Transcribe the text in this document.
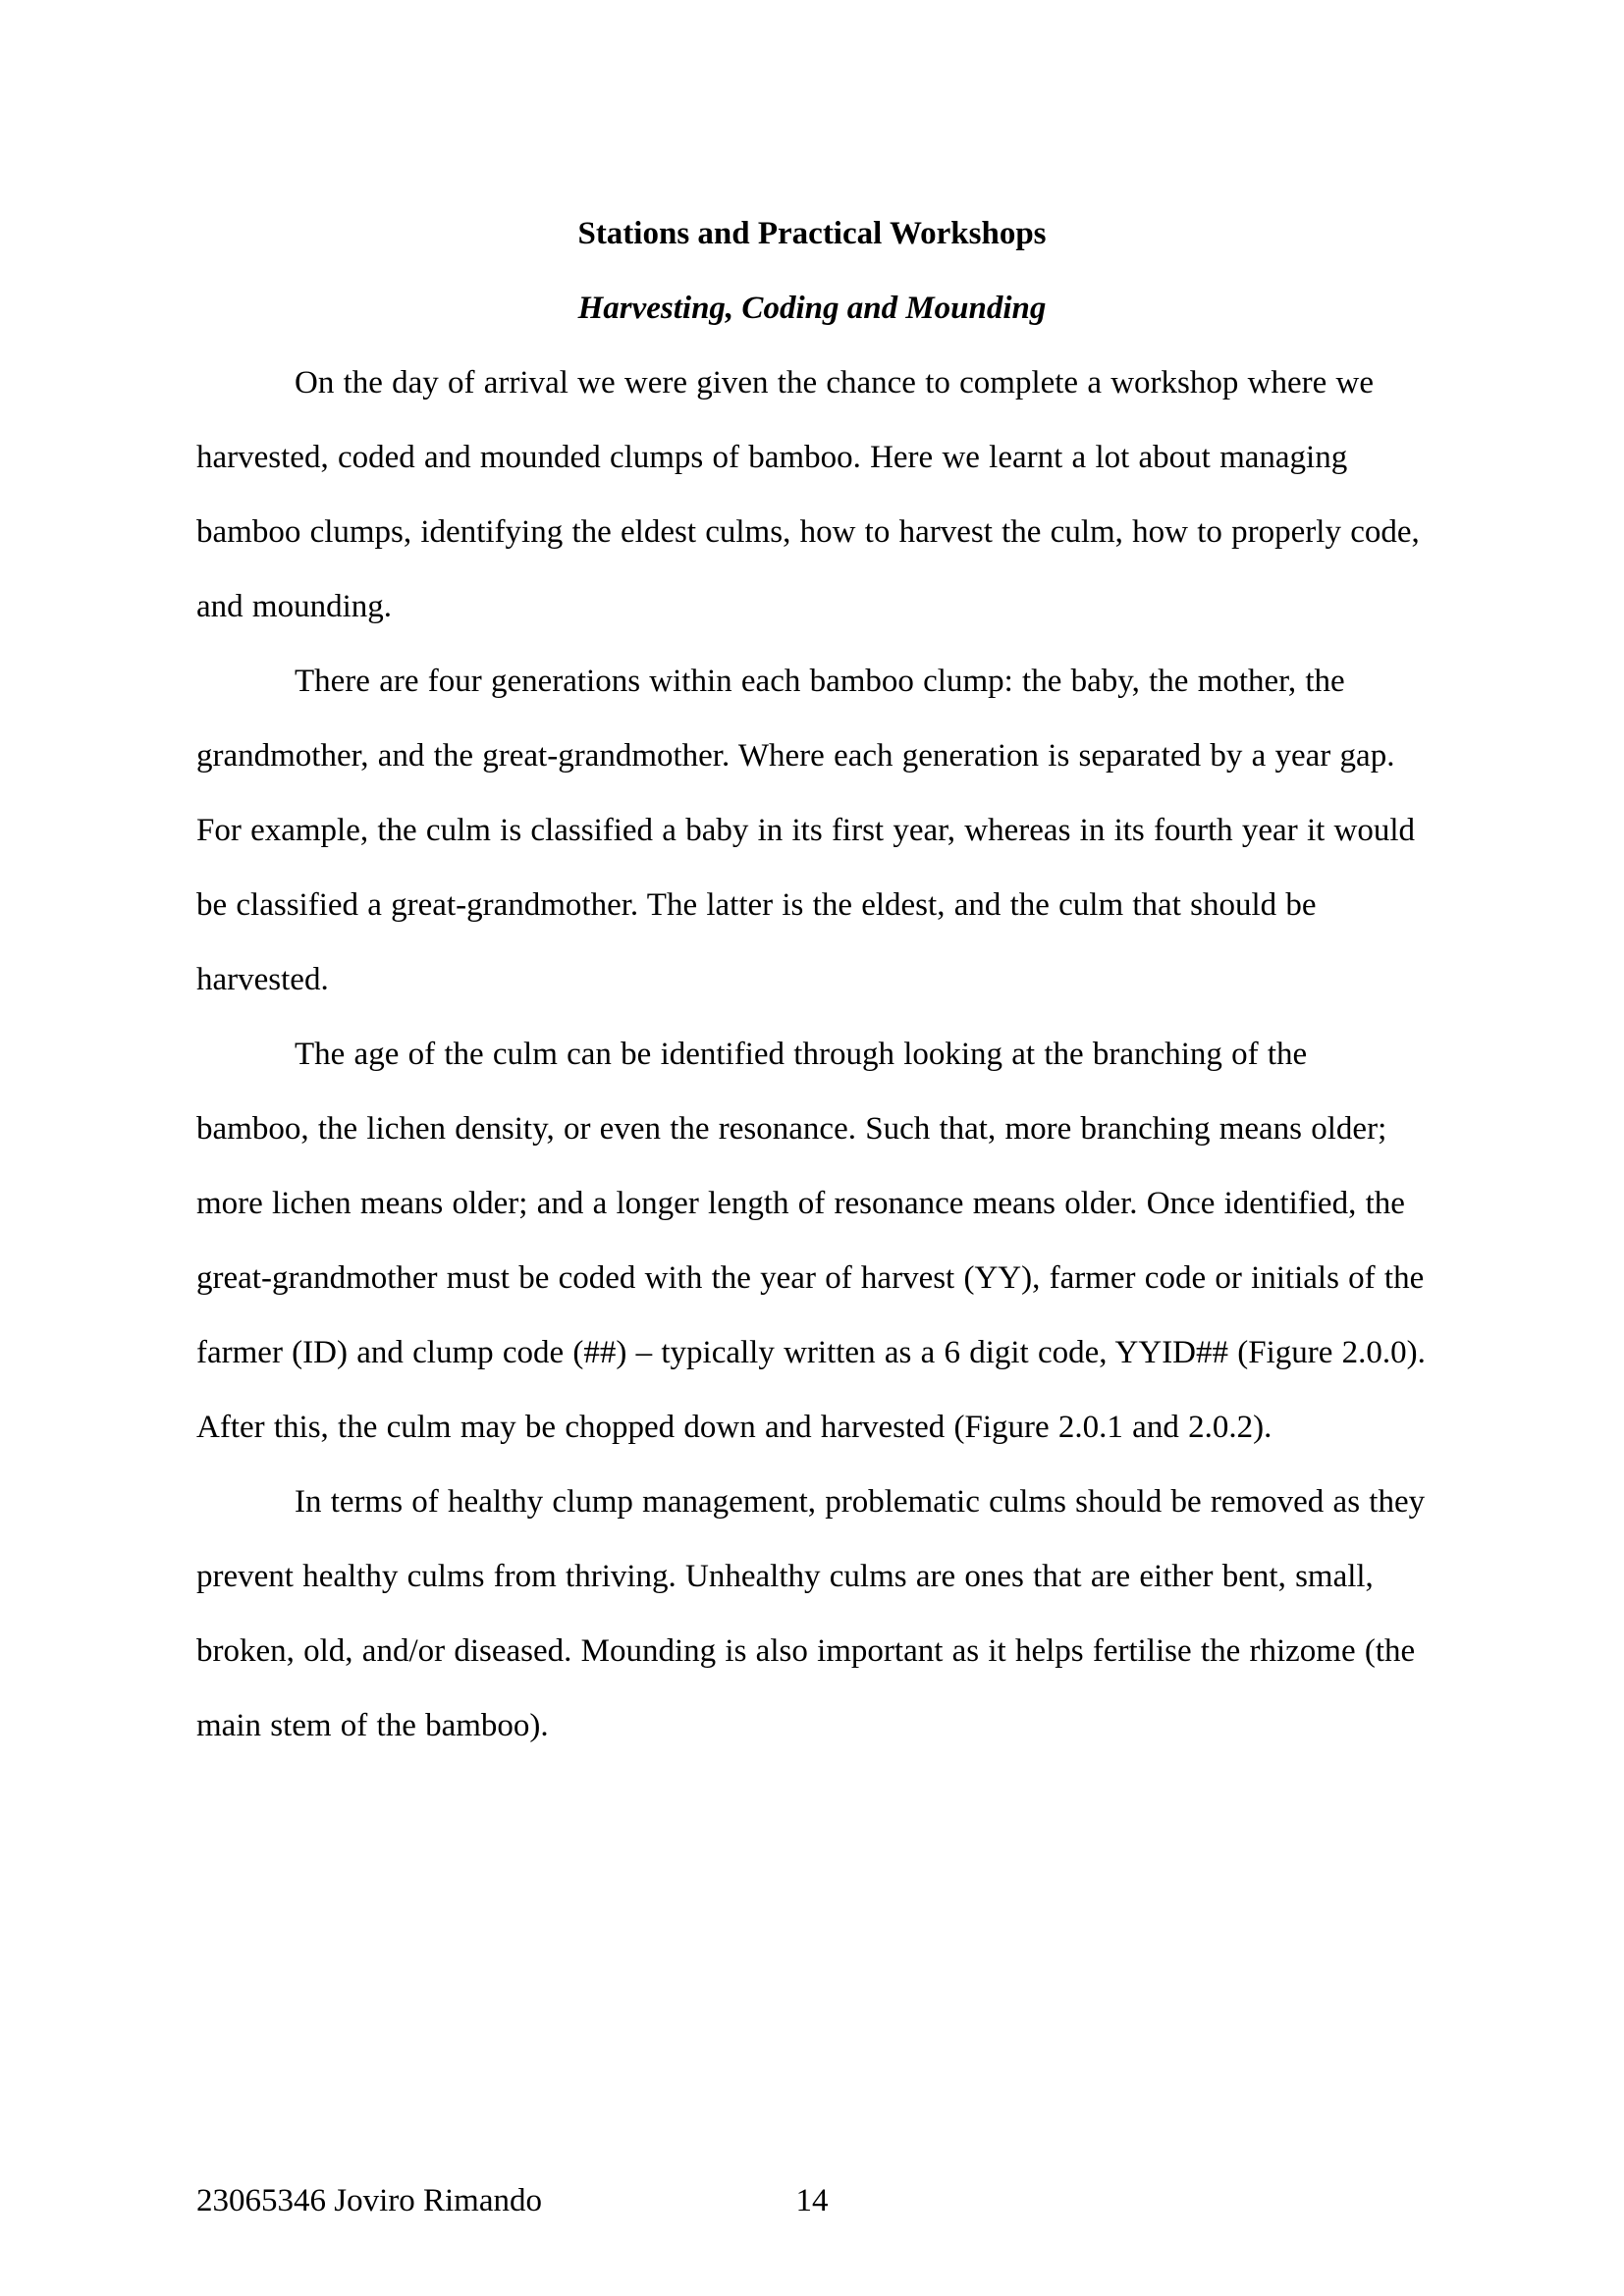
Stations and Practical Workshops
Harvesting, Coding and Mounding

On the day of arrival we were given the chance to complete a workshop where we harvested, coded and mounded clumps of bamboo. Here we learnt a lot about managing bamboo clumps, identifying the eldest culms, how to harvest the culm, how to properly code, and mounding.

There are four generations within each bamboo clump: the baby, the mother, the grandmother, and the great-grandmother. Where each generation is separated by a year gap. For example, the culm is classified a baby in its first year, whereas in its fourth year it would be classified a great-grandmother. The latter is the eldest, and the culm that should be harvested.

The age of the culm can be identified through looking at the branching of the bamboo, the lichen density, or even the resonance. Such that, more branching means older; more lichen means older; and a longer length of resonance means older. Once identified, the great-grandmother must be coded with the year of harvest (YY), farmer code or initials of the farmer (ID) and clump code (##) – typically written as a 6 digit code, YYID## (Figure 2.0.0). After this, the culm may be chopped down and harvested (Figure 2.0.1 and 2.0.2).

In terms of healthy clump management, problematic culms should be removed as they prevent healthy culms from thriving. Unhealthy culms are ones that are either bent, small, broken, old, and/or diseased. Mounding is also important as it helps fertilise the rhizome (the main stem of the bamboo).

23065346 Joviro Rimando	14
